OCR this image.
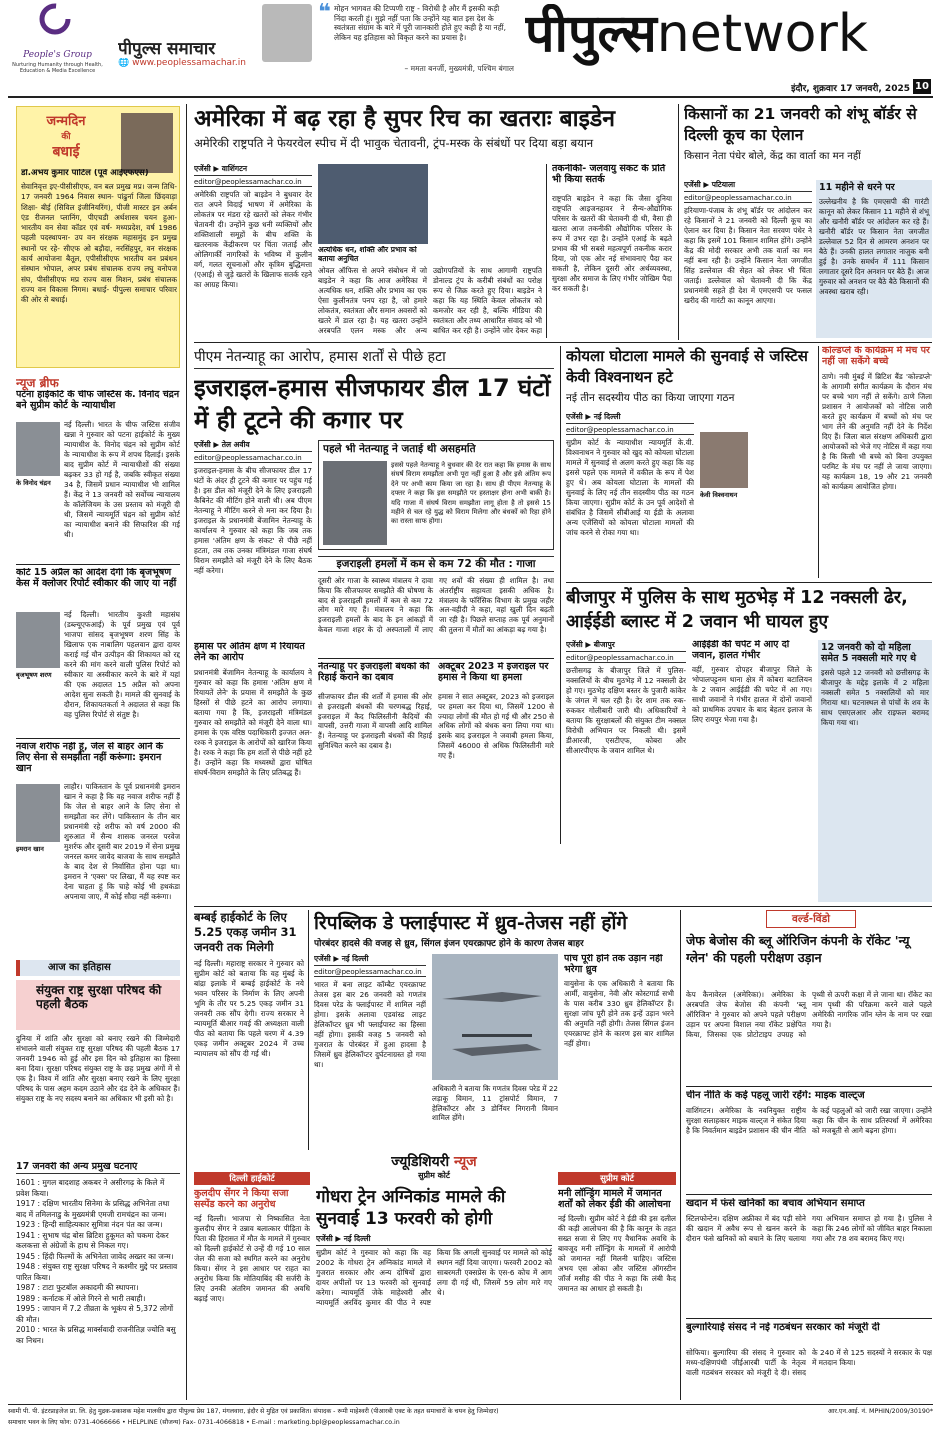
People's Group
Nurturing Humanity through Health, Education & Media Excellence
पीपुल्स समाचार
🌐 www.peoplessamachar.in
❝ मोहन भागवत की टिप्पणी राष्ट्र - विरोधी है और मैं इसकी कड़ी निंदा करती हूं। मुझे नहीं पता कि उन्होंने यह बात इस देश के स्वतंत्रता संग्राम के बारे में पूरी जानकारी होते हुए कही है या नहीं, लेकिन यह इतिहास को विकृत करने का प्रयास है।
– ममता बनर्जी, मुख्यमंत्री, पश्चिम बंगाल
पीपुल्सnetwork
इंदौर, शुक्रवार 17 जनवरी, 2025 10
जन्मदिन
की
बधाई
डॉ.अभय कुमार पाटिल (पूर्व आईएफएस)
सेवानिवृत्त इए-पीसीसीएफ, वन बल प्रमुख मप्र। जन्म तिथि- 17 जनवरी 1964 निवास स्थान- पांढुर्ना जिला छिंदवाड़ा शिक्षा- बीई (सिविल इंजीनियरिंग), पीजी मास्टर इन अर्बन एंड रीजनल प्लानिंग, पीएचडी अर्थशास्त्र चयन हुआ- भारतीय वन सेवा कॉडर एवं वर्ष- मध्यप्रदेश, वर्ष 1986 पहली पदस्थापना- उप वन संरक्षक महासमुंद इन प्रमुख स्थानों पर रहे- सीएफ ओ बड़ौदा, नरसिंहपुर, वन संरक्षक कार्य आयोजना बैतूल, एपीसीसीएफ भारतीय वन प्रबंधन संस्थान भोपाल, अपर प्रबंध संचालक राज्य लघु वनोपज संघ, पीसीसीएफ मप्र राज्य वास मिशन, प्रबंध संचालक राज्य वन विकास निगम। बधाई- पीपुल्स समाचार परिवार की ओर से बधाई।
न्यूज ब्रीफ
पटना हाईकोर्ट के चीफ जस्टिस के. विनोद चंद्रन बने सुप्रीम कोर्ट के न्यायाधीश
के विनोद चंद्रन
नई दिल्ली। भारत के चीफ जस्टिस संजीव खन्ना ने गुरुवार को पटना हाईकोर्ट के मुख्य न्यायाधीश के. विनोद चंद्रन को सुप्रीम कोर्ट के न्यायाधीश के रूप में शपथ दिलाई। इसके बाद सुप्रीम कोर्ट में न्यायाधीशों की संख्या बढ़कर 33 हो गई है, जबकि स्वीकृत संख्या 34 है, जिसमें प्रधान न्यायाधीश भी शामिल हैं। केंद्र ने 13 जनवरी को सर्वोच्च न्यायालय के कॉलेजियम के उस प्रस्ताव को मंजूरी दी थी, जिसमें न्यायमूर्ति चंद्रन को सुप्रीम कोर्ट का न्यायाधीश बनाने की सिफारिश की गई थी।
कोर्ट 15 अप्रैल को आदेश देगी कि बृजभूषण केस में क्लोजर रिपोर्ट स्वीकार की जाए या नहीं
बृजभूषण शरण
नई दिल्ली। भारतीय कुश्ती महासंघ (डब्ल्यूएफआई) के पूर्व प्रमुख एवं पूर्व भाजपा सांसद बृजभूषण शरण सिंह के खिलाफ एक नाबालिग पहलवान द्वारा दायर कराई गई यौन उत्पीड़न की शिकायत को रद्द करने की मांग करने वाली पुलिस रिपोर्ट को स्वीकार या अस्वीकार करने के बारे में यहां की एक अदालत 15 अप्रैल को अपना आदेश सुना सकती है। मामले की सुनवाई के दौरान, शिकायतकर्ता ने अदालत से कहा कि वह पुलिस रिपोर्ट से संतुष्ट है।
नवाज शरीफ नहीं हूं, जेल से बाहर आने के लिए सेना से समझौता नहीं करूंगा: इमरान खान
इमरान खान
लाहौर। पाकिस्तान के पूर्व प्रधानमंत्री इमरान खान ने कहा है कि वह नवाज शरीफ नहीं हैं कि जेल से बाहर आने के लिए सेना से समझौता कर लेंगे। पाकिस्तान के तीन बार प्रधानमंत्री रहे शरीफ को वर्ष 2000 की शुरुआत में सैन्य शासक जनरल परवेज मुशर्रफ और दूसरी बार 2019 में सेना प्रमुख जनरल कमर जावेद बाजवा के साथ समझौते के बाद देश से निर्वासित होना पड़ा था। इमरान ने 'एक्स' पर लिखा, मैं यह स्पष्ट कर देना चाहता हूं कि चाहे कोई भी हथकंडा अपनाया जाए, मैं कोई सौदा नहीं करूंगा।
आज का इतिहास
संयुक्त राष्ट्र सुरक्षा परिषद की पहली बैठक
दुनिया में शांति और सुरक्षा को बनाए रखने की जिम्मेदारी संभालने वाली संयुक्त राष्ट्र सुरक्षा परिषद की पहली बैठक 17 जनवरी 1946 को हुई और इस दिन को इतिहास का हिस्सा बना दिया। सुरक्षा परिषद संयुक्त राष्ट्र के छह प्रमुख अंगों में से एक है। विश्व में शांति और सुरक्षा बनाए रखने के लिए सुरक्षा परिषद के पास अहम कदम उठाने और दंड देने के अधिकार हैं। संयुक्त राष्ट्र के नए सदस्य बनाने का अधिकार भी इसी को है।
17 जनवरी की अन्य प्रमुख घटनाएं
1601 : मुगल बादशाह अकबर ने असीरगढ़ के किले में प्रवेश किया।
1917 : दक्षिण भारतीय सिनेमा के प्रसिद्ध अभिनेता तथा बाद में तमिलनाडु के मुख्यमंत्री एमजी रामचंद्रन का जन्म।
1923 : हिन्दी साहित्यकार सुमित्रा नंदन पंत का जन्म।
1941 : सुभाष चंद्र बोस ब्रिटिश हुकूमत को चकमा देकर कलकत्ता से अंग्रेजों के हाथ से निकल गए।
1945 : हिंदी फिल्मों के अभिनेता जावेद अख्तर का जन्म।
1948 : संयुक्त राष्ट्र सुरक्षा परिषद ने कश्मीर मुद्दे पर प्रस्ताव पारित किया।
1987 : टाटा फुटबॉल अकादमी की स्थापना।
1989 : कर्नाटक में ओले गिरने से भारी तबाही।
1995 : जापान में 7.2 तीव्रता के भूकंप से 5,372 लोगों की मौत।
2010 : भारत के प्रसिद्ध मार्क्सवादी राजनीतिज्ञ ज्योति बसु का निधन।
अमेरिका में बढ़ रहा है सुपर रिच का खतराः बाइडेन
अमेरिकी राष्ट्रपति ने फेयरवेल स्पीच में दी भावुक चेतावनी, ट्रंप-मस्क के संबंधों पर दिया बड़ा बयान
एजेंसी ▶ वाशिंगटन
editor@peoplessamachar.co.in
अमेरिकी राष्ट्रपति जो बाइडेन ने बुधवार देर रात अपने विदाई भाषण में अमेरिका के लोकतंत्र पर मंडरा रहे खतरों को लेकर गंभीर चेतावनी दी। उन्होंने कुछ धनी व्यक्तियों और शक्तिशाली समूहों के बीच शक्ति के खतरनाक केंद्रीकरण पर चिंता जताई और ओलिगार्की नागरिकों के भविष्य में कुलीन वर्ग, गलत सूचनाओं और कृत्रिम बुद्धिमत्ता (एआई) से जुड़े खतरों के खिलाफ सतर्क रहने का आग्रह किया।
अत्यधिक धन, शक्ति और प्रभाव को बताया अनुचित
ओवल ऑफिस से अपने संबोधन में जो बाइडेन ने कहा कि आज अमेरिका में अत्यधिक धन, शक्ति और प्रभाव का एक ऐसा कुलीनतंत्र पनप रहा है, जो हमारे लोकतंत्र, स्वतंत्रता और समान अवसरों को खतरे में डाल रहा है। यह खतरा उन्होंने अरबपति एलन मस्क और अन्य उद्योगपतियों के साथ आगामी राष्ट्रपति डोनाल्ड ट्रंप के करीबी संबंधों का परोक्ष रूप से जिक्र करते हुए दिया। बाइडेन ने कहा कि यह स्थिति केवल लोकतंत्र को कमजोर कर रही है, बल्कि मीडिया की स्वतंत्रता और तथ्य आधारित संवाद को भी बाधित कर रही है। उन्होंने जोर देकर कहा
तकनीकी- जलवायु संकट के प्रति भी किया सतर्क
राष्ट्रपति बाइडेन ने कहा कि जैसा दुनिया राष्ट्रपति आइजनहावर ने सैन्य-औद्योगिक परिसर के खतरों की चेतावनी दी थी, वैसा ही खतरा आज तकनीकी औद्योगिक परिसर के रूप में उभर रहा है। उन्होंने एआई के बढ़ते प्रभाव की भी सबसे महत्वपूर्ण तकनीक करार दिया, जो एक ओर नई संभावनाएं पैदा कर सकती है, लेकिन दूसरी ओर अर्थव्यवस्था, सुरक्षा और समाज के लिए गंभीर जोखिम पैदा कर सकती है।
किसानों का 21 जनवरी को शंभू बॉर्डर से दिल्ली कूच का ऐलान
किसान नेता पंधेर बोले, केंद्र का वार्ता का मन नहीं
एजेंसी ▶ पटियाला
editor@peoplessamachar.co.in
हरियाणा-पंजाब के शंभू बॉर्डर पर आंदोलन कर रहे किसानों ने 21 जनवरी को दिल्ली कूच का ऐलान कर दिया है। किसान नेता सरवण पंधेर ने कहा कि इसमें 101 किसान शामिल होंगे। उन्होंने केंद्र की मोदी सरकार अभी तक वार्ता का मन नहीं बना रही है। उन्होंने किसान नेता जगजीत सिंह डल्लेवाल की सेहत को लेकर भी चिंता जताई। डल्लेवाल को चेतावनी दी कि केंद्र प्रधानमंत्री सहते ही देश में एमएसपी पर फसल खरीद की गारंटी का कानून आएगा।
11 महीने से धरने पर
उल्लेखनीय है कि एमएसपी की गारंटी कानून को लेकर किसान 11 महीने से शंभू और खनौरी बॉर्डर पर आंदोलन कर रहे हैं। खनौरी बॉर्डर पर किसान नेता जगजीत डल्लेवाल 52 दिन से आमरण अनशन पर बैठे हैं। उनकी हालत लगातार नाजुक बनी हुई है। उनके समर्थन में 111 किसान लगातार दूसरे दिन अनशन पर बैठे हैं। आज गुरुवार को अनशन पर बैठे बैठे किसानों की अवस्था खराब रही।
पीएम नेतन्याहू का आरोप, हमास शर्तों से पीछे हटा
इजराइल-हमास सीजफायर डील 17 घंटों में ही टूटने की कगार पर
एजेंसी ▶ तेल अवीव
editor@peoplessamachar.co.in
इजराइल-हमास के बीच सीजफायर डील 17 घंटों के अंदर ही टूटने की कगार पर पहुंच गई है। इस डील को मंजूरी देने के लिए इजराइली कैबिनेट की मीटिंग होने वाली थी। अब पीएम नेतन्याहू ने मीटिंग करने से मना कर दिया है। इजराइल के प्रधानमंत्री बेंजामिन नेतन्याहू के कार्यालय ने गुरुवार को कहा कि जब तक हमास 'अंतिम क्षण के संकट' से पीछे नहीं हटता, तब तक उनका मंत्रिमंडल गाजा संघर्ष विराम समझौते को मंजूरी देने के लिए बैठक नहीं करेगा।
हमास पर अंतिम क्षण में रियायत लेने का आरोप
प्रधानमंत्री बेंजामिन नेतन्याहू के कार्यालय ने गुरुवार को कहा कि हमास 'अंतिम क्षण में रियायतें लेने' के प्रयास में समझौते के कुछ हिस्सों से पीछे हटने का आरोप लगाया। बताया गया है कि, इजराइली मंत्रिमंडल गुरुवार को समझौते को मंजूरी देने वाला था। हमास के एक वरिष्ठ पदाधिकारी इज्जत अल-रश्क ने इजराइल के आरोपों को खारिज किया है। रश्क ने कहा कि हम शर्तों से पीछे नहीं हटे हैं। उन्होंने कहा कि मध्यस्थों द्वारा घोषित संघर्ष-विराम समझौते के लिए प्रतिबद्ध हैं।
पहले भी नेतन्याहू ने जताई थी असहमति
इससे पहले नेतन्याहू ने बुधवार की देर रात कहा कि हमास के साथ संघर्ष विराम समझौता अभी पूरा नहीं हुआ है और इसे अंतिम रूप देने पर अभी काम किया जा रहा है। साथ ही पीएम नेतन्याहू के दफ्तर ने कहा कि इस समझौते पर हस्ताक्षर होना अभी बाकी है। यदि गाजा में संघर्ष विराम समझौता लागू होता है तो इससे 15 महीने से चल रहे युद्ध को विराम मिलेगा और बंधकों को रिहा होने का रास्ता साफ होगा।
इजराइली हमलों में कम से कम 72 की मौत : गाजा
दूसरी ओर गाजा के स्वास्थ्य मंत्रालय ने दावा किया कि सीजफायर समझौते की घोषणा के बाद से इजराइली हमलों में कम से कम 72 लोग मारे गए हैं। मंत्रालय ने कहा कि इजराइली हमलों के बाद के इन आंकड़ों में केवल गाजा शहर के दो अस्पतालों में लाए गए शवों की संख्या ही शामिल है। तथा अंतर्राष्ट्रीय सहायता इसकी अधिक है। मंत्रालय के फॉरेंसिक विभाग के प्रमुख जहीर अल-वहीदी ने कहा, वहां खुली दिन बढ़ती जा रही है। पिछले सप्ताह तक पूर्व अनुमानों की तुलना में मौतों का आंकड़ा बढ़ गया है।
नेतन्याहू पर इजराइली बंधकों की रिहाई कराने का दबाव
सीजफायर डील की शर्तों में हमास की ओर से इजराइली बंधकों की चरणबद्ध रिहाई, इजराइल में कैद फिलिस्तीनी कैदियों की वापसी, उत्तरी गाजा में वापसी आदि शामिल हैं। नेतन्याहू पर इजराइली बंधकों की रिहाई सुनिश्चित करने का दबाव है।
अक्टूबर 2023 में इजराइल पर हमास ने किया था हमला
हमास ने सात अक्टूबर, 2023 को इजराइल पर हमला कर दिया था, जिसमें 1200 से ज्यादा लोगों की मौत हो गई थी और 250 से अधिक लोगों को बंधक बना लिया गया था। इसके बाद इजराइल ने जवाबी हमला किया, जिसमें 46000 से अधिक फिलिस्तीनी मारे गए हैं।
कोयला घोटाला मामले की सुनवाई से जस्टिस केवी विश्वनाथन हटे
नई तीन सदस्यीय पीठ का किया जाएगा गठन
एजेंसी ▶ नई दिल्ली
editor@peoplessamachar.co.in
सुप्रीम कोर्ट के न्यायाधीश न्यायमूर्ति के.वी. विश्वनाथन ने गुरुवार को खुद को कोयला घोटाला मामले में सुनवाई से अलग करते हुए कहा कि वह इससे पहले एक मामले में वकील के रूप में पेश हुए थे। अब कोयला घोटाला के मामलों की सुनवाई के लिए नई तीन सदस्यीय पीठ का गठन किया जाएगा। सुप्रीम कोर्ट के उन पूर्व आदेशों से संबंधित है जिसमें सीबीआई या ईडी के अलावा अन्य एजेंसियों को कोयला घोटाला मामलों की जांच करने से रोका गया था।
केवी विश्वनाथन
कोल्डप्ले के कार्यक्रम में मंच पर नहीं जा सकेंगे बच्चे
ठाणे। नवी मुंबई में ब्रिटिश बैंड 'कोल्डप्ले' के आगामी संगीत कार्यक्रम के दौरान मंच पर बच्चे भाग नहीं ले सकेंगे। ठाणे जिला प्रशासन ने आयोजकों को नोटिस जारी करते हुए कार्यक्रम में बच्चों को मंच पर भाग लेने की अनुमति नहीं देने के निर्देश दिए हैं। जिला बाल संरक्षण अधिकारी द्वारा आयोजकों को भेजे गए नोटिस में कहा गया है कि किसी भी बच्चे को बिना उपयुक्त परमिट के मंच पर नहीं ले जाया जाएगा। यह कार्यक्रम 18, 19 और 21 जनवरी को कार्यक्रम आयोजित होगा।
बीजापुर में पुलिस के साथ मुठभेड़ में 12 नक्सली ढेर, आईईडी ब्लास्ट में 2 जवान भी घायल हुए
एजेंसी ▶ बीजापुर
editor@peoplessamachar.co.in
छत्तीसगढ़ के बीजापुर जिले में पुलिस-नक्सलियों के बीच मुठभेड़ में 12 नक्सली ढेर हो गए। मुठभेड़ दक्षिण बस्तर के पुजारी कांकेर के जंगल में चल रही है। देर शाम तक रुक-रुककर गोलीबारी जारी थी। अधिकारियों ने बताया कि सुरक्षाबलों की संयुक्त टीम नक्सल विरोधी अभियान पर निकली थी। इसमें डीआरजी, एसटीएफ, कोबरा और सीआरपीएफ के जवान शामिल थे।
आईईडी की चपेट में आए दो जवान, हालत गंभीर
वहीं, गुरुवार दोपहर बीजापुर जिले के भोपालपट्टनम थाना क्षेत्र में कोबरा बटालियन के 2 जवान आईईडी की चपेट में आ गए। साथी जवानों ने गंभीर हालत में दोनों जवानों को प्राथमिक उपचार के बाद बेहतर इलाज के लिए रायपुर भेजा गया है।
12 जनवरी को दो महिला समेत 5 नक्सली मारे गए थे
इससे पहले 12 जनवरी को छत्तीसगढ़ के बीजापुर के मद्देड़ इलाके में 2 महिला नक्सली समेत 5 नक्सलियों को मार गिराया था। घटनास्थल से पांचों के शव के साथ एसएलआर और राइफल बरामद किया गया था।
बम्बई हाईकोर्ट के लिए 5.25 एकड़ जमीन 31 जनवरी तक मिलेगी
नई दिल्ली। महाराष्ट्र सरकार ने गुरुवार को सुप्रीम कोर्ट को बताया कि वह मुंबई के बांद्रा इलाके में बम्बई हाईकोर्ट के नये भवन परिसर के निर्माण के लिए अपनी भूमि के तौर पर 5.25 एकड़ जमीन 31 जनवरी तक सौंप देगी। राज्य सरकार ने न्यायमूर्ति बीआर गवई की अध्यक्षता वाली पीठ को बताया कि पहले चरण में 4.39 एकड़ जमीन अक्टूबर 2024 में उच्च न्यायालय को सौंप दी गई थी।
रिपब्लिक डे फ्लाईपास्ट में ध्रुव-तेजस नहीं होंगे
पोरबंदर हादसे की वजह से ध्रुव, सिंगल इंजन एयरक्राफ्ट होने के कारण तेजस बाहर
एजेंसी ▶ नई दिल्ली
editor@peoplessamachar.co.in
भारत में बना लाइट कॉम्बैट एयरक्राफ्ट तेजस इस बार 26 जनवरी को गणतंत्र दिवस परेड के फ्लाईपास्ट में शामिल नहीं होगा। इसके अलावा एडवांस्ड लाइट हेलिकॉप्टर ध्रुव भी फ्लाईपास्ट का हिस्सा नहीं होगा। इसकी वजह 5 जनवरी को गुजरात के पोरबंदर में हुआ हादसा है जिसमें ध्रुव हेलिकॉप्टर दुर्घटनाग्रस्त हो गया था।
अधिकारी ने बताया कि गणतंत्र दिवस परेड में 22 लड़ाकू विमान, 11 ट्रांसपोर्ट विमान, 7 हेलिकॉप्टर और 3 डोर्नियर निगरानी विमान शामिल होंगे।
पांच पूरी होने तक उड़ान नहीं भरेगा ध्रुव
वायुसेना के एक अधिकारी ने बताया कि आर्मी, वायुसेना, नेवी और कोस्टगार्ड सभी के पास करीब 330 ध्रुव हेलिकॉप्टर हैं। सुरक्षा जांच पूरी होने तक इन्हें उड़ान भरने की अनुमति नहीं होगी। तेजस सिंगल इंजन एयरक्राफ्ट होने के कारण इस बार शामिल नहीं होगा।
वर्ल्ड-विंडो
जेफ बेजोस की ब्लू ऑरिजिन कंपनी के रॉकेट 'न्यू ग्लेन' की पहली परीक्षण उड़ान
केप कैनावेरल (अमेरिका)। अमेरिका के अरबपति जेफ बेजोस की कंपनी 'ब्लू ऑरिजिन' ने गुरुवार को अपने पहले परीक्षण उड़ान पर अपना विशाल नया रॉकेट प्रक्षेपित किया, जिसका एक प्रोटोटाइप उपग्रह को पृथ्वी से ऊपरी कक्षा में ले जाना था। रॉकेट का नाम पृथ्वी की परिक्रमा करने वाले पहले अमेरिकी नागरिक जॉन ग्लेन के नाम पर रखा गया है।
चीन नीति के कई पहलू जारी रहेंगे: माइक वाल्ट्ज
वाशिंगटन। अमेरिका के नवनियुक्त राष्ट्रीय सुरक्षा सलाहकार माइक वाल्ट्ज ने संकेत दिया है कि निवर्तमान बाइडेन प्रशासन की चीन नीति के कई पहलुओं को जारी रखा जाएगा। उन्होंने कहा कि चीन के साथ प्रतिस्पर्धा में अमेरिका को मजबूती से आगे बढ़ना होगा।
खदान में फंसे खनिकों का बचाव अभियान समाप्त
स्टिलफोन्टेन। दक्षिण अफ्रीका में बंद पड़ी सोने की खदान में अवैध रूप से खनन करने के दौरान फंसे खनिकों को बचाने के लिए चलाया गया अभियान समाप्त हो गया है। पुलिस ने कहा कि 246 लोगों को जीवित बाहर निकाला गया और 78 शव बरामद किए गए।
बुल्गारियाई संसद ने नई गठबंधन सरकार को मंजूरी दी
सोफिया। बुल्गारिया की संसद ने गुरुवार को मध्य-दक्षिणपंथी जीईआरबी पार्टी के नेतृत्व वाली गठबंधन सरकार को मंजूरी दे दी। संसद के 240 में से 125 सदस्यों ने सरकार के पक्ष में मतदान किया।
ज्यूडिशियरी न्यूज
सुप्रीम कोर्ट
दिल्ली हाईकोर्ट
कुलदीप सेंगर ने किया सजा सस्पेंड करने का अनुरोध
नई दिल्ली। भाजपा से निष्कासित नेता कुलदीप सेंगर ने उन्नाव बलात्कार पीड़िता के पिता की हिरासत में मौत के मामले में गुरुवार को दिल्ली हाईकोर्ट से उन्हें दी गई 10 साल जेल की सजा को स्थगित करने का अनुरोध किया। सेंगर ने इस आधार पर राहत का अनुरोध किया कि मोतियाबिंद की सर्जरी के लिए उनकी अंतरिम जमानत की अवधि बढ़ाई जाए।
गोधरा ट्रेन अग्निकांड मामले की सुनवाई 13 फरवरी को होगी
एजेंसी ▶ नई दिल्ली
सुप्रीम कोर्ट ने गुरुवार को कहा कि वह 2002 के गोधरा ट्रेन अग्निकांड मामले में गुजरात सरकार और अन्य दोषियों द्वारा दायर अपीलों पर 13 फरवरी को सुनवाई करेगा। न्यायमूर्ति जेके माहेश्वरी और न्यायमूर्ति अरविंद कुमार की पीठ ने स्पष्ट किया कि अगली सुनवाई पर मामले को कोई स्थगन नहीं दिया जाएगा। फरवरी 2002 को साबरमती एक्सप्रेस के एस-6 कोच में आग लगा दी गई थी, जिसमें 59 लोग मारे गए थे।
सुप्रीम कोर्ट
मनी लॉन्ड्रिंग मामले में जमानत शर्तों को लेकर ईडी की आलोचना
नई दिल्ली। सुप्रीम कोर्ट ने ईडी की इस दलील की कड़ी आलोचना की है कि कानून के तहत सख्त सजा से लिए गए वैधानिक अवधि के बावजूद मनी लॉन्ड्रिंग के मामलों में आरोपी को जमानत नहीं मिलनी चाहिए। जस्टिस अभय एस ओका और जस्टिस ऑगस्टीन जॉर्ज मसीह की पीठ ने कहा कि लंबी कैद जमानत का आधार हो सकती है।
स्वामी पी. पी. इंटरप्राइजेज प्रा. लि. हेतु मुद्रक-प्रकाशक महेश मालवीय द्वारा पीपुल्स प्रेस 187, मंगलवारा, इंदौर से मुद्रित एवं प्रकाशित। संपादक - रूमी माहेश्वरी (पीआरबी एक्ट के तहत समाचारों के चयन हेतु जिम्मेदार)	आर.एन.आई. नं. MPHIN/2009/30190*
समाचार भवन के लिए फोन: 0731-4066666 • HELPLINE (सौजन्य) Fax- 0731-4066818 • E-mail : marketing.bpl@peoplessamachar.co.in
